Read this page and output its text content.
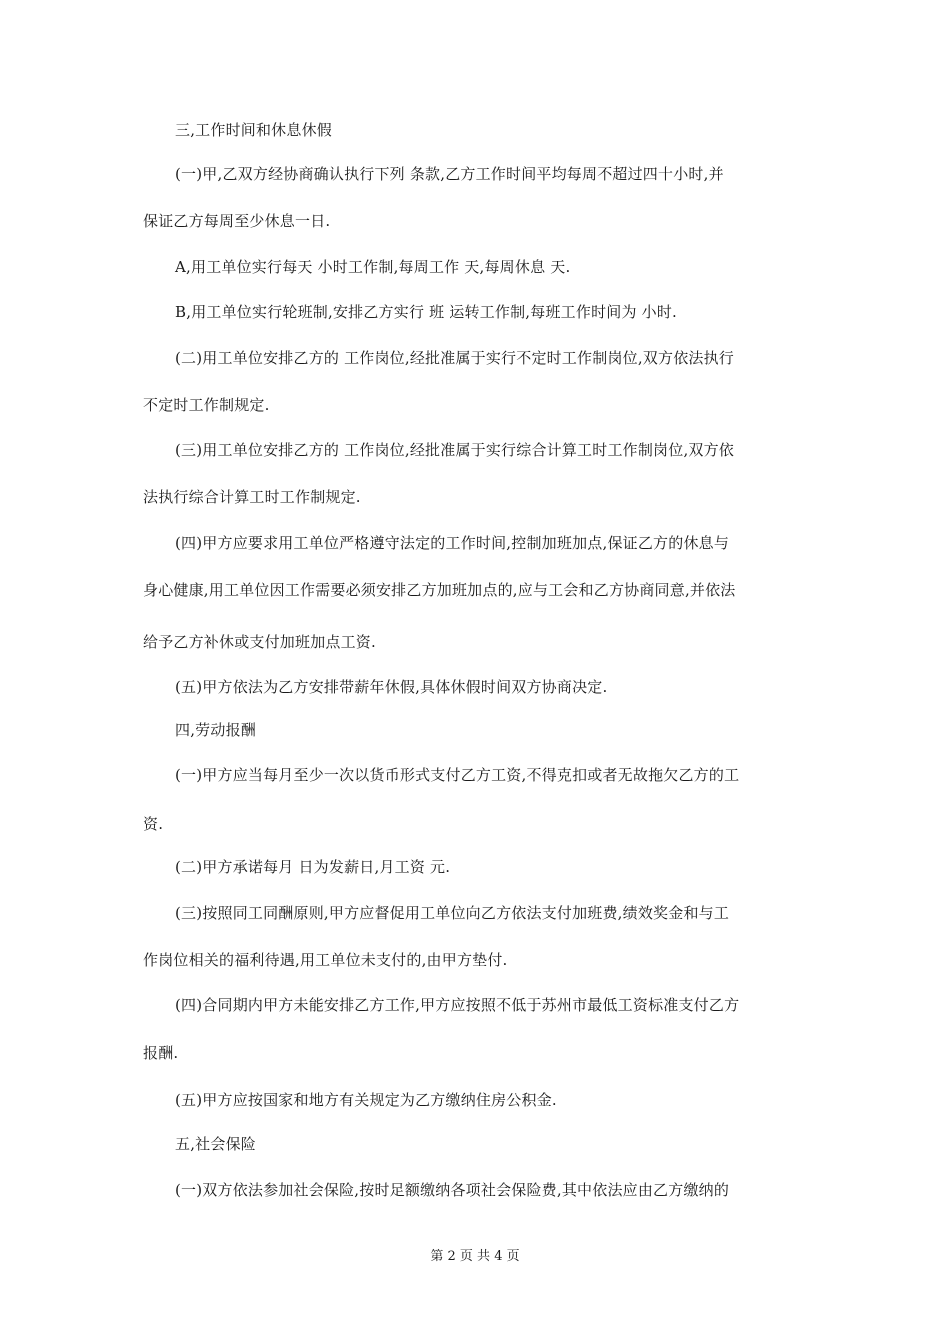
三,工作时间和休息休假
(一)甲,乙双方经协商确认执行下列 条款,乙方工作时间平均每周不超过四十小时,并
保证乙方每周至少休息一日.
A,用工单位实行每天 小时工作制,每周工作 天,每周休息 天.
B,用工单位实行轮班制,安排乙方实行 班 运转工作制,每班工作时间为 小时.
(二)用工单位安排乙方的 工作岗位,经批准属于实行不定时工作制岗位,双方依法执行
不定时工作制规定.
(三)用工单位安排乙方的 工作岗位,经批准属于实行综合计算工时工作制岗位,双方依
法执行综合计算工时工作制规定.
(四)甲方应要求用工单位严格遵守法定的工作时间,控制加班加点,保证乙方的休息与
身心健康,用工单位因工作需要必须安排乙方加班加点的,应与工会和乙方协商同意,并依法
给予乙方补休或支付加班加点工资.
(五)甲方依法为乙方安排带薪年休假,具体休假时间双方协商决定.
四,劳动报酬
(一)甲方应当每月至少一次以货币形式支付乙方工资,不得克扣或者无故拖欠乙方的工
资.
(二)甲方承诺每月 日为发薪日,月工资 元.
(三)按照同工同酬原则,甲方应督促用工单位向乙方依法支付加班费,绩效奖金和与工
作岗位相关的福利待遇,用工单位未支付的,由甲方垫付.
(四)合同期内甲方未能安排乙方工作,甲方应按照不低于苏州市最低工资标准支付乙方
报酬.
(五)甲方应按国家和地方有关规定为乙方缴纳住房公积金.
五,社会保险
(一)双方依法参加社会保险,按时足额缴纳各项社会保险费,其中依法应由乙方缴纳的
第 2 页 共 4 页
